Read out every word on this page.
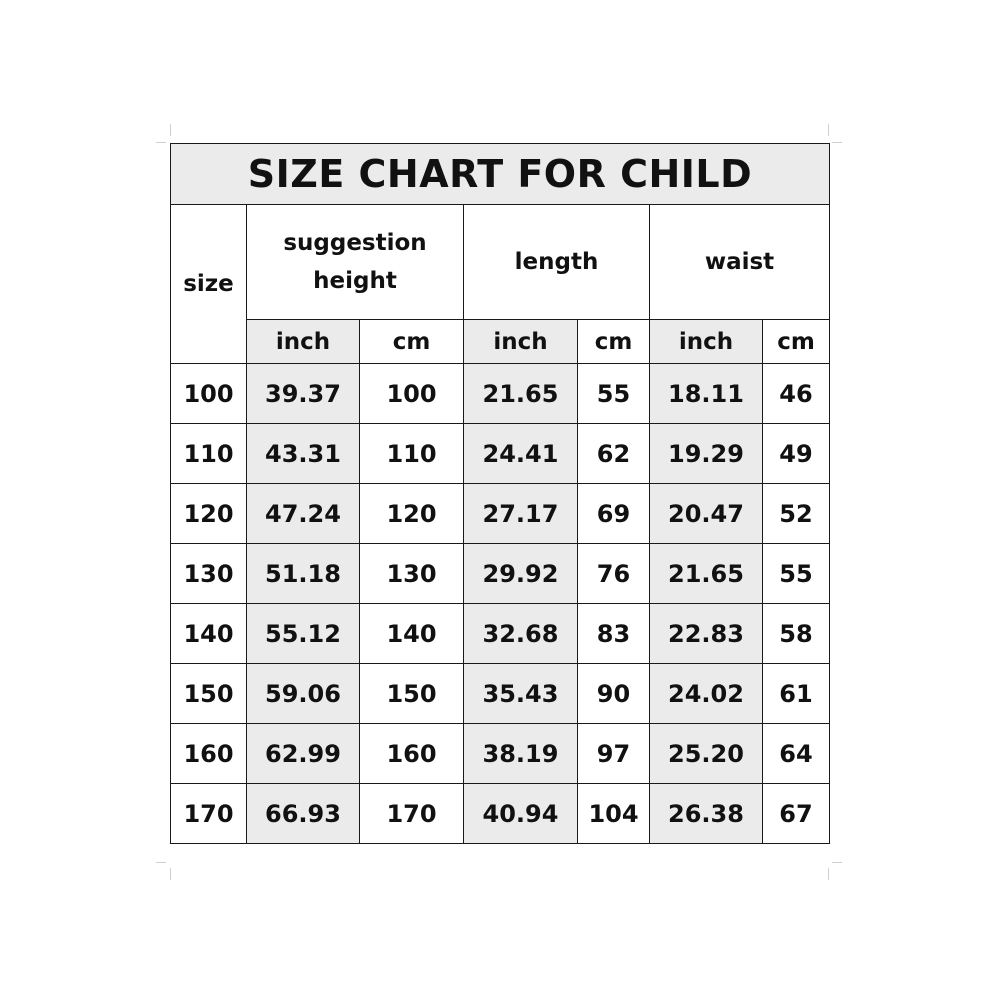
SIZE CHART FOR CHILD						
size	suggestion height		length		waist	
	inch	cm	inch	cm	inch	cm
100	39.37	100	21.65	55	18.11	46
110	43.31	110	24.41	62	19.29	49
120	47.24	120	27.17	69	20.47	52
130	51.18	130	29.92	76	21.65	55
140	55.12	140	32.68	83	22.83	58
150	59.06	150	35.43	90	24.02	61
160	62.99	160	38.19	97	25.20	64
170	66.93	170	40.94	104	26.38	67
